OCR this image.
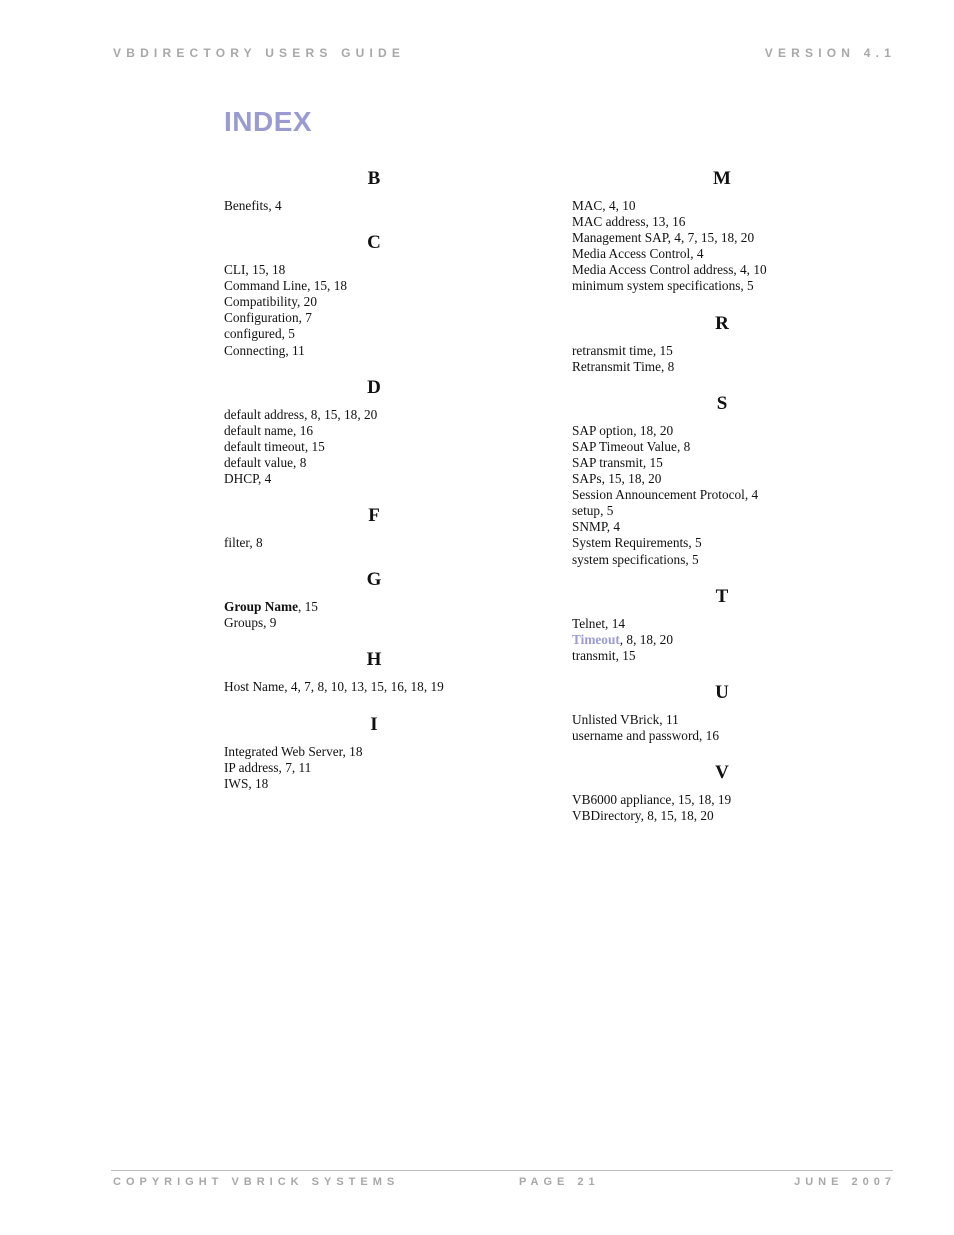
VBDIRECTORY USERS GUIDE	VERSION 4.1
INDEX
B
Benefits, 4
C
CLI, 15, 18
Command Line, 15, 18
Compatibility, 20
Configuration, 7
configured, 5
Connecting, 11
D
default address, 8, 15, 18, 20
default name, 16
default timeout, 15
default value, 8
DHCP, 4
F
filter, 8
G
Group Name, 15
Groups, 9
H
Host Name, 4, 7, 8, 10, 13, 15, 16, 18, 19
I
Integrated Web Server, 18
IP address, 7, 11
IWS, 18
M
MAC, 4, 10
MAC address, 13, 16
Management SAP, 4, 7, 15, 18, 20
Media Access Control, 4
Media Access Control address, 4, 10
minimum system specifications, 5
R
retransmit time, 15
Retransmit Time, 8
S
SAP option, 18, 20
SAP Timeout Value, 8
SAP transmit, 15
SAPs, 15, 18, 20
Session Announcement Protocol, 4
setup, 5
SNMP, 4
System Requirements, 5
system specifications, 5
T
Telnet, 14
Timeout, 8, 18, 20
transmit, 15
U
Unlisted VBrick, 11
username and password, 16
V
VB6000 appliance, 15, 18, 19
VBDirectory, 8, 15, 18, 20
COPYRIGHT VBRICK SYSTEMS	PAGE 21	JUNE 2007
